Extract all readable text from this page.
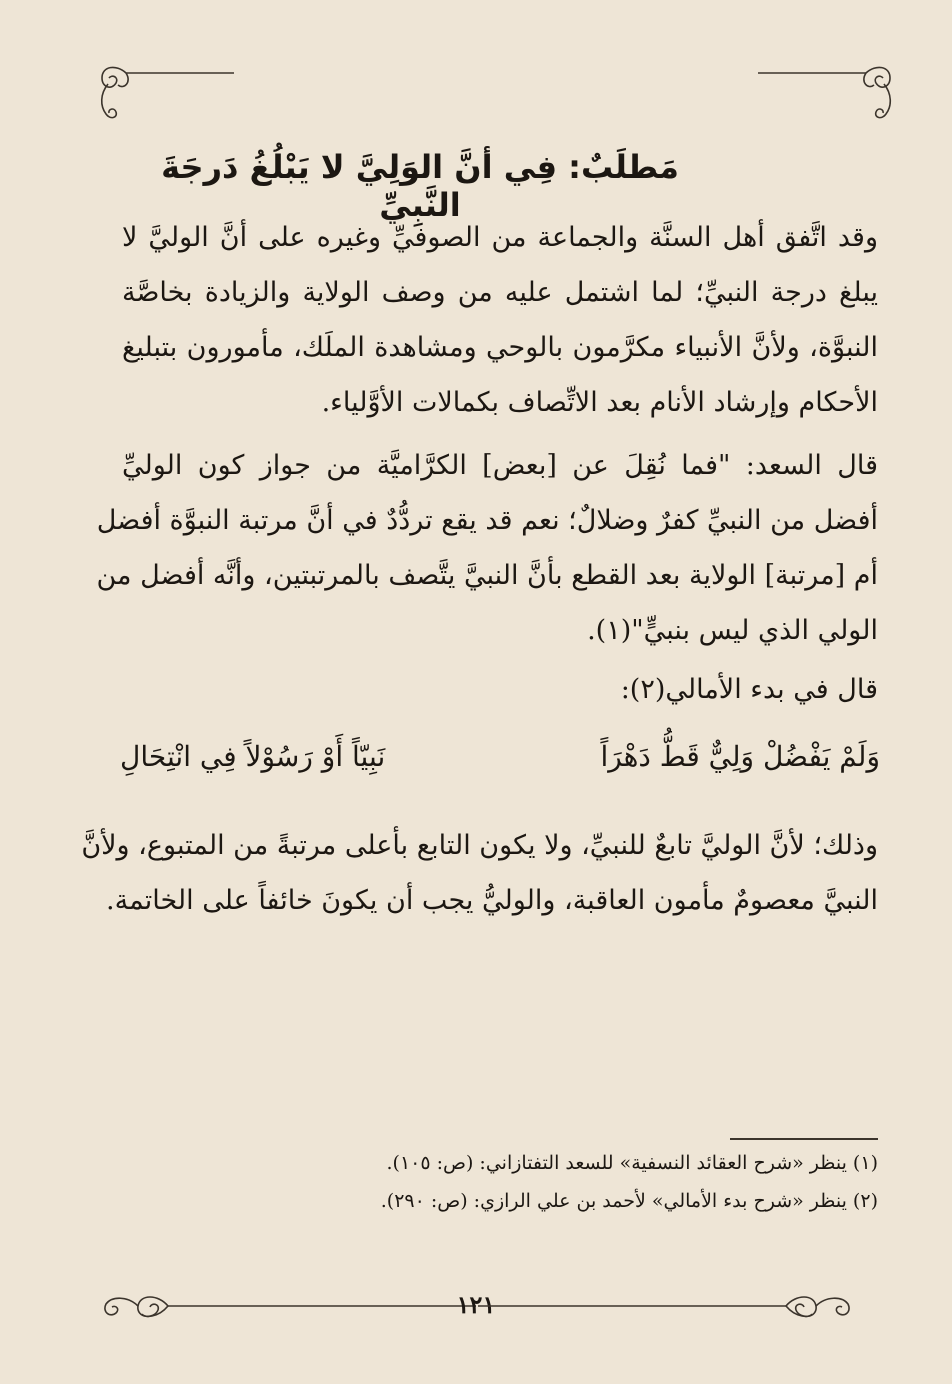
مَطلَبٌ: فِي أنَّ الوَلِيَّ لا يَبْلُغُ دَرجَةَ النَّبِيِّ
وقد اتَّفق أهل السنَّة والجماعة من الصوفيِّ وغيره على أنَّ الوليَّ لا
يبلغ درجة النبيِّ؛ لما اشتمل عليه من وصف الولاية والزيادة بخاصَّة
النبوَّة، ولأنَّ الأنبياء مكرَّمون بالوحي ومشاهدة الملَك، مأمورون بتبليغ
الأحكام وإرشاد الأنام بعد الاتِّصاف بكمالات الأوَّلياء.
قال السعد: "فما نُقِلَ عن [بعض] الكرَّاميَّة من جواز كون الوليِّ
أفضل من النبيِّ كفرٌ وضلالٌ؛ نعم قد يقع تردُّدٌ في أنَّ مرتبة النبوَّة أفضل
أم [مرتبة] الولاية بعد القطع بأنَّ النبيَّ يتَّصف بالمرتبتين، وأنَّه أفضل من
الولي الذي ليس بنبيٍّ"(١).
قال في بدء الأمالي(٢):
وَلَمْ يَفْضُلْ وَلِيٌّ قَطُّ دَهْرَاً
نَبِيّاً أَوْ رَسُوْلاً فِي انْتِحَالِ
وذلك؛ لأنَّ الوليَّ تابعٌ للنبيِّ، ولا يكون التابع بأعلى مرتبةً من المتبوع، ولأنَّ
النبيَّ معصومٌ مأمون العاقبة، والوليُّ يجب أن يكونَ خائفاً على الخاتمة.
(١) ينظر «شرح العقائد النسفية» للسعد التفتازاني: (ص: ١٠٥).
(٢) ينظر «شرح بدء الأمالي» لأحمد بن علي الرازي: (ص: ٢٩٠).
١٢١
